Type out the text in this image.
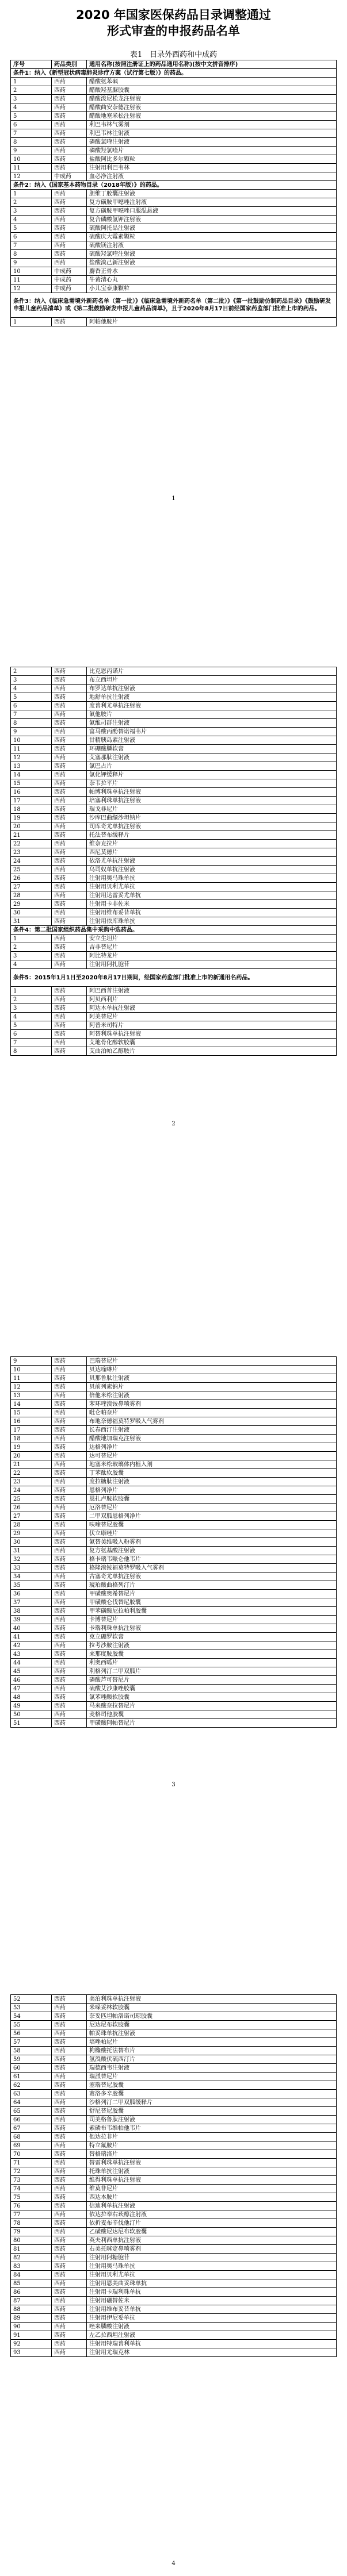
2020 年国家医保药品目录调整通过
形式审查的申报药品名单
表1　目录外西药和中成药
序号	药品类别	通用名称(按照注册证上的药品通用名称)(按中文拼音排序)
条件1：纳入《新型冠状病毒肺炎诊疗方案（试行第七版）》的药品。		
1	西药	醋酸氨苯砜
2	西药	醋酸羟基脲胶囊
3	西药	醋酸泼尼松龙注射液
4	西药	醋酸曲安奈德注射液
5	西药	醋酸地塞米松注射液
6	西药	利巴韦林气雾剂
7	西药	利巴韦林注射液
8	西药	磷酸氯喹注射液
9	西药	磷酸羟氯喹片
10	西药	盐酸阿比多尔颗粒
11	西药	注射用利巴韦林
12	中成药	血必净注射液
条件2：纳入《国家基本药物目录（2018年版）》的药品。		
1	西药	胆维丁胶囊注射液
2	西药	复方磺胺甲噁唑注射液
3	西药	复方磺胺甲噁唑口服混悬液
4	西药	复合磷酸氢钾注射液
5	西药	硫酸阿托品注射液
6	西药	硫酸庆大霉素颗粒
7	西药	硫酸镁注射液
8	西药	硫酸羟氯喹注射液
9	西药	盐酸溴己新注射液
10	中成药	麝香正骨水
11	中成药	牛黄清心丸
12	中成药	小儿宝泰康颗粒
条件3：纳入《临床急需境外新药名单（第一批）》《临床急需境外新药名单（第二批）》《第一批鼓励仿制药品目录》《鼓励研发申报儿童药品清单》或《第二批鼓励研发申报儿童药品清单》，且于2020年8月17日前经国家药监部门批准上市的药品。		
1	西药	阿帕他胺片
1
2	西药	比克恩丙诺片
3	西药	布立西坦片
4	西药	布罗达单抗注射液
5	西药	地舒单抗注射液
6	西药	度普利尤单抗注射液
7	西药	氟他胺片
8	西药	氟维司群注射液
9	西药	富马酸丙酚替诺福韦片
10	西药	甘精胰岛素注射液
11	西药	环硼酸膦软膏
12	西药	艾塞那肽注射液
13	西药	氯巴占片
14	西药	氯化钾缓释片
15	西药	奈韦拉平片
16	西药	帕博利珠单抗注射液
17	西药	培塞利珠单抗注射液
18	西药	瑞戈非尼片
19	西药	沙库巴曲缬沙坦钠片
20	西药	司库奇尤单抗注射液
21	西药	托法替布缓释片
22	西药	维奈克拉片
23	西药	西尼莫德片
24	西药	依洛尤单抗注射液
25	西药	乌司奴单抗注射液
26	西药	注射用奥马珠单抗
27	西药	注射用贝利尤单抗
28	西药	注射用达雷妥尤单抗
29	西药	注射用卡非佐米
30	西药	注射用维布妥昔单抗
31	西药	注射用依库珠单抗
条件4：第二批国家组织药品集中采购中选药品。		
1	西药	安立生坦片
2	西药	吉非替尼片
3	西药	阿比特龙片
4	西药	注射用阿扎胞苷
条件5：2015年1月1日至2020年8月17日期间，经国家药监部门批准上市的新通用名药品。		
1	西药	阿巴西普注射液
2	西药	阿贝西利片
3	西药	阿达木单抗注射液
4	西药	阿美替尼片
5	西药	阿普米司特片
6	西药	阿替利珠单抗注射液
7	西药	艾地骨化醇软胶囊
8	西药	艾曲泊帕乙醇胺片
2
9	西药	巴瑞替尼片
10	西药	贝达喹啉片
11	西药	贝那鲁肽注射液
12	西药	贝前列素钠片
13	西药	倍他米松注射液
14	西药	苯环喹溴铵鼻喷雾剂
15	西药	吡仑帕奈片
16	西药	布地奈德福莫特罗吸入气雾剂
17	西药	长春西汀注射液
18	西药	醋酸地加瑞克注射液
19	西药	达格列净片
20	西药	达可替尼片
21	西药	地塞米松玻璃体内植入剂
22	西药	丁苯酞软胶囊
23	西药	度拉糖肽注射液
24	西药	恩格列净片
25	西药	恩扎卢胺软胶囊
26	西药	厄洛替尼片
27	西药	二甲双胍恩格列净片
28	西药	呋喹替尼胶囊
29	西药	伏立康唑片
30	西药	氟替美维吸入粉雾剂
31	西药	复方氨基酸注射液
32	西药	格卡瑞韦哌仑他韦片
33	西药	格隆溴铵福莫特罗吸入气雾剂
34	西药	古塞奇尤单抗注射液
35	西药	琥珀酸曲格列汀片
36	西药	甲磺酸奥希替尼片
37	西药	甲磺酸仑伐替尼胶囊
38	西药	甲苯磺酸尼拉帕利胶囊
39	西药	卡博替尼片
40	西药	卡瑞利珠单抗注射液
41	西药	克立硼罗软膏
42	西药	拉考沙胺注射液
43	西药	来那度胺胶囊
44	西药	利奥西呱片
45	西药	利格列汀二甲双胍片
46	西药	磷酸芦可替尼片
47	西药	硫酸艾沙康唑胶囊
48	西药	氯苯唑酸软胶囊
49	西药	马来酸奈拉替尼片
50	西药	麦格司他胶囊
51	西药	甲磺酸阿帕替尼片
3
52	西药	美泊利珠单抗注射液
53	西药	米哚妥林软胶囊
54	西药	奈妥匹坦帕洛诺司琼胶囊
55	西药	尼达尼布软胶囊
56	西药	帕妥珠单抗注射液
57	西药	培唑帕尼片
58	西药	枸橼酸托法替布片
59	西药	氢溴酸伏硫西汀片
60	西药	瑞德西韦注射液
61	西药	瑞派替尼片
62	西药	塞瑞替尼胶囊
63	西药	赛洛多辛胶囊
64	西药	沙格列汀二甲双胍缓释片
65	西药	舒尼替尼胶囊
66	西药	司美格鲁肽注射液
67	西药	索磷布韦维帕他韦片
68	西药	他达拉非片
69	西药	特立氟胺片
70	西药	替格瑞洛片
71	西药	替雷利珠单抗注射液
72	西药	托珠单抗注射液
73	西药	维得利珠单抗注射液
74	西药	维莫非尼片
75	西药	西达本胺片
76	西药	信迪利单抗注射液
77	西药	依达拉奉右莰醇注射液
78	西药	依折麦布辛伐他汀片
79	西药	乙磺酸尼达尼布软胶囊
80	西药	英夫利西单抗注射液
81	西药	右美托咪定鼻喷雾剂
82	西药	注射用阿糖胞苷
83	西药	注射用奥马珠单抗
84	西药	注射用贝利尤单抗
85	西药	注射用恩美曲妥珠单抗
86	西药	注射用卡瑞利珠单抗
87	西药	注射用硼替佐米
88	西药	注射用维布妥昔单抗
89	西药	注射用伊尼妥单抗
90	西药	唑来膦酸注射液
91	西药	左乙拉西坦注射液
92	西药	注射用特瑞普利单抗
93	西药	注射用尤瑞克林
4
